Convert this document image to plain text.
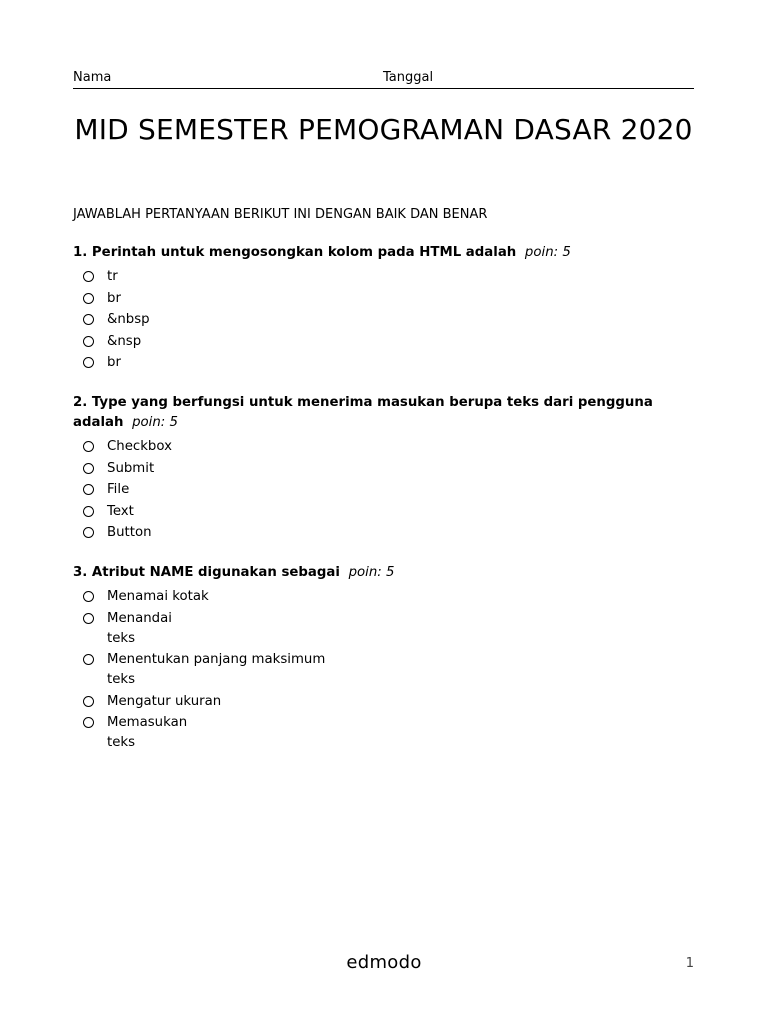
Nama	Tanggal
MID SEMESTER PEMOGRAMAN DASAR 2020
JAWABLAH PERTANYAAN BERIKUT INI DENGAN BAIK DAN BENAR
1. Perintah untuk mengosongkan kolom pada HTML adalah poin: 5
tr
br
&nbsp
&nsp
br
2. Type yang berfungsi untuk menerima masukan berupa teks dari pengguna adalah poin: 5
Checkbox
Submit
File
Text
Button
3. Atribut NAME digunakan sebagai poin: 5
Menamai kotak
Menandai
teks
Menentukan panjang maksimum
teks
Mengatur ukuran
Memasukan
teks
edmodo	1
